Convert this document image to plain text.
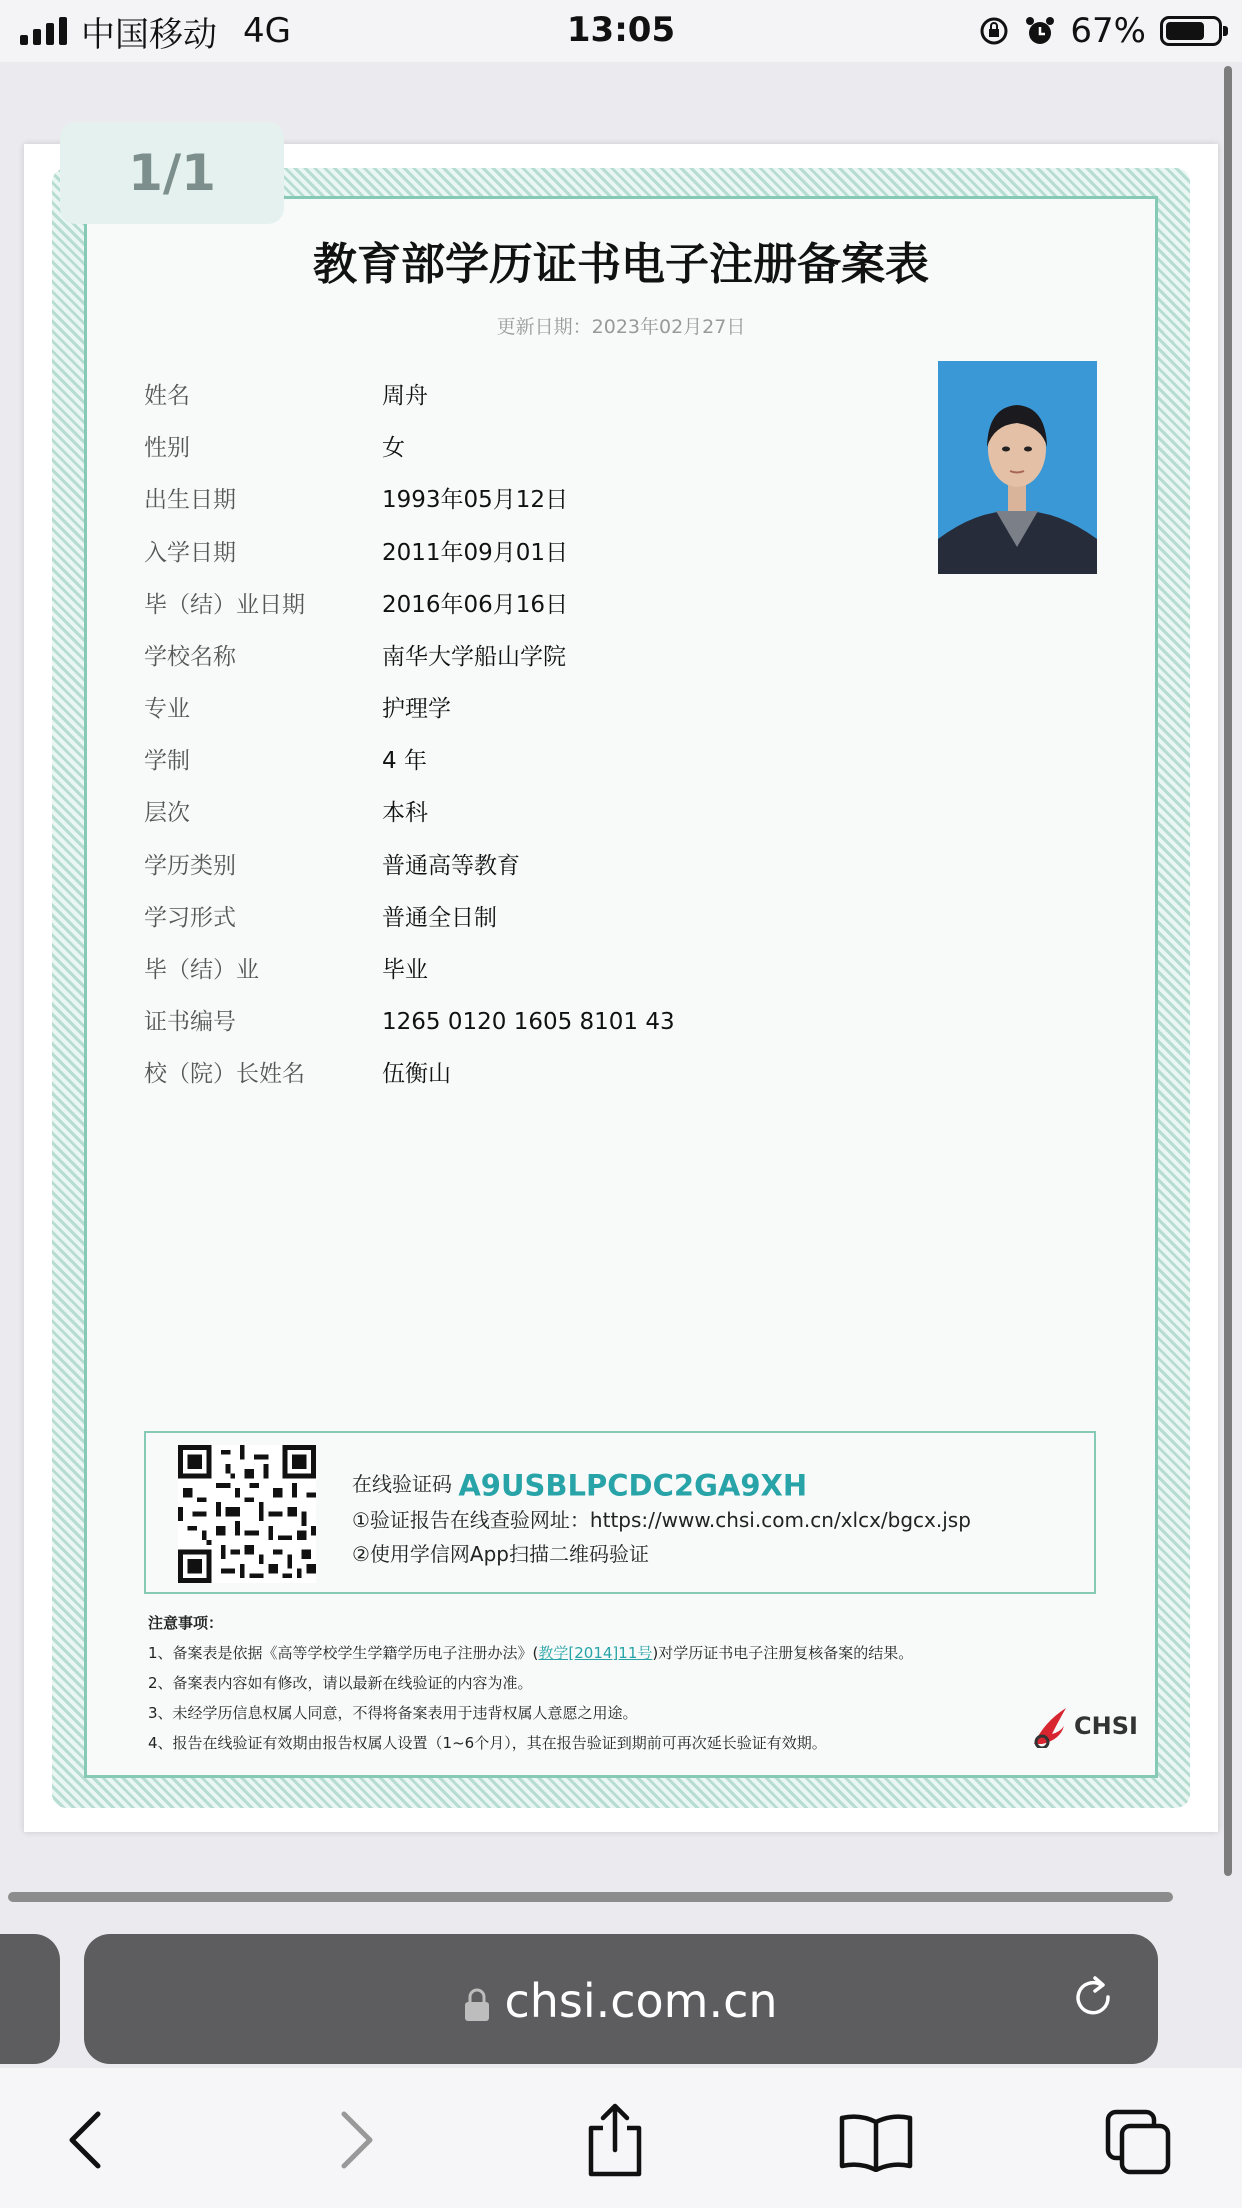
中国移动 4G	13:05	67%
1/1
教育部学历证书电子注册备案表
更新日期：2023年02月27日
姓名	周舟
性别	女
出生日期	1993年05月12日
入学日期	2011年09月01日
毕（结）业日期	2016年06月16日
学校名称	南华大学船山学院
专业	护理学
学制	4 年
层次	本科
学历类别	普通高等教育
学习形式	普通全日制
毕（结）业	毕业
证书编号	1265 0120 1605 8101 43
校（院）长姓名	伍衡山
在线验证码 A9USBLPCDC2GA9XH
①验证报告在线查验网址：https://www.chsi.com.cn/xlcx/bgcx.jsp
②使用学信网App扫描二维码验证
注意事项：
1、备案表是依据《高等学校学生学籍学历电子注册办法》(教学[2014]11号)对学历证书电子注册复核备案的结果。
2、备案表内容如有修改，请以最新在线验证的内容为准。
3、未经学历信息权属人同意，不得将备案表用于违背权属人意愿之用途。
4、报告在线验证有效期由报告权属人设置（1~6个月），其在报告验证到期前可再次延长验证有效期。
CHSI
chsi.com.cn
